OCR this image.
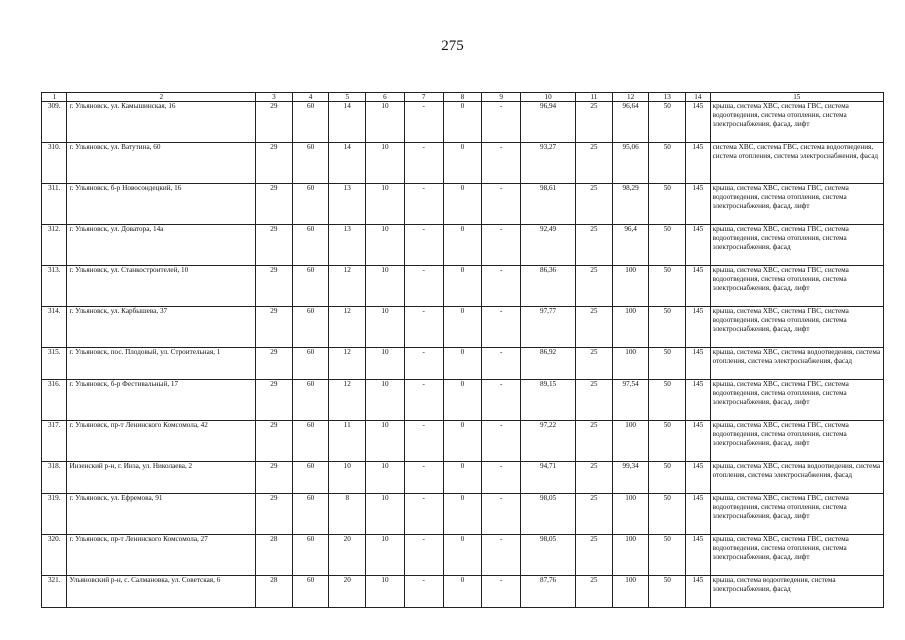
275
1	2	3	4	5	6	7	8	9	10	11	12	13	14	15
309.	г. Ульяновск, ул. Камышинская, 16	29	60	14	10	-	0	-	96,94	25	96,64	50	145	крыша, система ХВС, система ГВС, система водоотведения, система отопления, система электроснабжения, фасад, лифт
310.	г. Ульяновск, ул. Ватутина, 60	29	60	14	10	-	0	-	93,27	25	95,06	50	145	система ХВС, система ГВС, система водоотведения, система отопления, система электроснабжения, фасад
311.	г. Ульяновск, б-р Новосондецкий, 16	29	60	13	10	-	0	-	98,61	25	98,29	50	145	крыша, система ХВС, система ГВС, система водоотведения, система отопления, система электроснабжения, фасад, лифт
312.	г. Ульяновск, ул. Доватора, 14а	29	60	13	10	-	0	-	92,49	25	96,4	50	145	крыша, система ХВС, система ГВС, система водоотведения, система отопления, система электроснабжения, фасад
313.	г. Ульяновск, ул. Станкостроителей, 10	29	60	12	10	-	0	-	86,36	25	100	50	145	крыша, система ХВС, система ГВС, система водоотведения, система отопления, система электроснабжения, фасад, лифт
314.	г. Ульяновск, ул. Карбышева, 37	29	60	12	10	-	0	-	97,77	25	100	50	145	крыша, система ХВС, система ГВС, система водоотведения, система отопления, система электроснабжения, фасад, лифт
315.	г. Ульяновск, пос. Плодовый, ул. Строительная, 1	29	60	12	10	-	0	-	86,92	25	100	50	145	крыша, система ХВС, система водоотведения, система отопления, система электроснабжения, фасад
316.	г. Ульяновск, б-р Фестивальный, 17	29	60	12	10	-	0	-	89,15	25	97,54	50	145	крыша, система ХВС, система ГВС, система водоотведения, система отопления, система электроснабжения, фасад, лифт
317.	г. Ульяновск, пр-т Ленинского Комсомола, 42	29	60	11	10	-	0	-	97,22	25	100	50	145	крыша, система ХВС, система ГВС, система водоотведения, система отопления, система электроснабжения, фасад, лифт
318.	Инзенский р-н, г. Инза, ул. Николаева, 2	29	60	10	10	-	0	-	94,71	25	99,34	50	145	крыша, система ХВС, система водоотведения, система отопления, система электроснабжения, фасад
319.	г. Ульяновск, ул. Ефремова, 91	29	60	8	10	-	0	-	98,05	25	100	50	145	крыша, система ХВС, система ГВС, система водоотведения, система отопления, система электроснабжения, фасад, лифт
320.	г. Ульяновск, пр-т Ленинского Комсомола, 27	28	60	20	10	-	0	-	98,05	25	100	50	145	крыша, система ХВС, система ГВС, система водоотведения, система отопления, система электроснабжения, фасад, лифт
321.	Ульяновский р-н, с. Салмановка, ул. Советская, 6	28	60	20	10	-	0	-	87,76	25	100	50	145	крыша, система водоотведения, система электроснабжения, фасад
